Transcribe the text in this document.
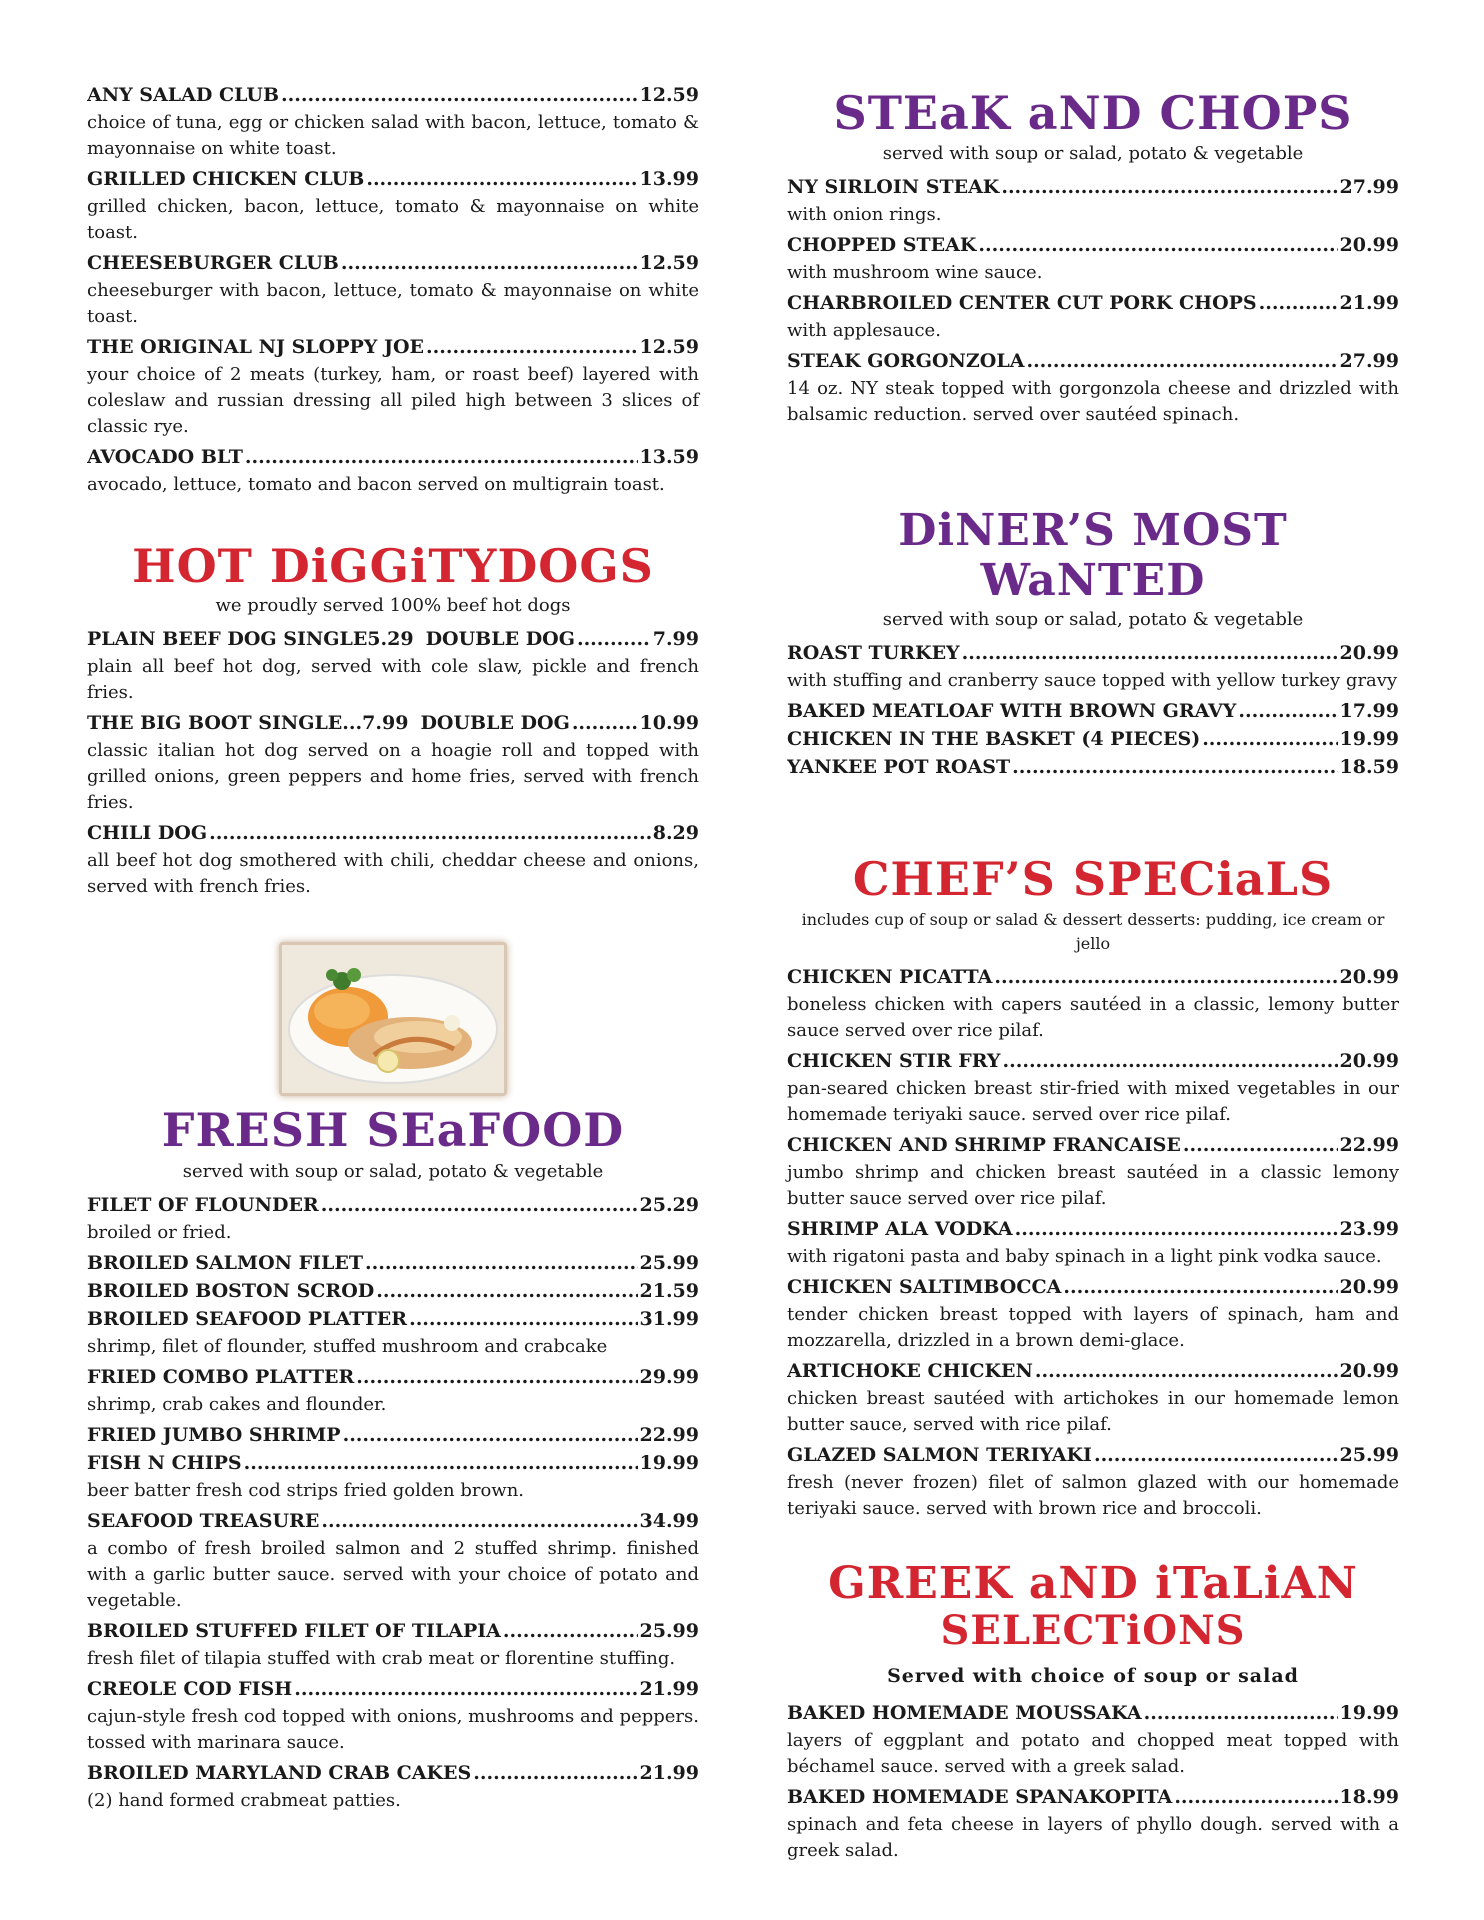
ANY SALAD CLUB .....	12.59
choice of tuna, egg or chicken salad with bacon, lettuce, tomato & mayonnaise on white toast.
GRILLED CHICKEN CLUB .....	13.99
grilled chicken, bacon, lettuce, tomato & mayonnaise on white toast.
CHEESEBURGER CLUB .....	12.59
cheeseburger with bacon, lettuce, tomato & mayonnaise on white toast.
THE ORIGINAL NJ SLOPPY JOE .....	12.59
your choice of 2 meats (turkey, ham, or roast beef) layered with coleslaw and russian dressing all piled high between 3 slices of classic rye.
AVOCADO BLT .....	13.59
avocado, lettuce, tomato and bacon served on multigrain toast.
HOT DiGGiTYDOGS
we proudly served 100% beef hot dogs
PLAIN BEEF DOG SINGLE 5.29 DOUBLE DOG .....	7.99
plain all beef hot dog, served with cole slaw, pickle and french fries.
THE BIG BOOT SINGLE ... 7.99 DOUBLE DOG .....	10.99
classic italian hot dog served on a hoagie roll and topped with grilled onions, green peppers and home fries, served with french fries.
CHILI DOG .....	8.29
all beef hot dog smothered with chili, cheddar cheese and onions, served with french fries.
FRESH SEaFOOD
served with soup or salad, potato & vegetable
FILET OF FLOUNDER .....	25.29
broiled or fried.
BROILED SALMON FILET .....	25.99
BROILED BOSTON SCROD .....	21.59
BROILED SEAFOOD PLATTER .....	31.99
shrimp, filet of flounder, stuffed mushroom and crabcake
FRIED COMBO PLATTER .....	29.99
shrimp, crab cakes and flounder.
FRIED JUMBO SHRIMP .....	22.99
FISH N CHIPS .....	19.99
beer batter fresh cod strips fried golden brown.
SEAFOOD TREASURE .....	34.99
a combo of fresh broiled salmon and 2 stuffed shrimp. finished with a garlic butter sauce. served with your choice of potato and vegetable.
BROILED STUFFED FILET OF TILAPIA .....	25.99
fresh filet of tilapia stuffed with crab meat or florentine stuffing.
CREOLE COD FISH .....	21.99
cajun-style fresh cod topped with onions, mushrooms and peppers. tossed with marinara sauce.
BROILED MARYLAND CRAB CAKES .....	21.99
(2) hand formed crabmeat patties.
STEaK aND CHOPS
served with soup or salad, potato & vegetable
NY SIRLOIN STEAK .....	27.99
with onion rings.
CHOPPED STEAK .....	20.99
with mushroom wine sauce.
CHARBROILED CENTER CUT PORK CHOPS .....	21.99
with applesauce.
STEAK GORGONZOLA .....	27.99
14 oz. NY steak topped with gorgonzola cheese and drizzled with balsamic reduction. served over sautéed spinach.
DiNER’S MOST WaNTED
served with soup or salad, potato & vegetable
ROAST TURKEY .....	20.99
with stuffing and cranberry sauce topped with yellow turkey gravy
BAKED MEATLOAF WITH BROWN GRAVY .....	17.99
CHICKEN IN THE BASKET (4 PIECES) .....	19.99
YANKEE POT ROAST .....	18.59
CHEF’S SPECiaLS
includes cup of soup or salad & dessert desserts: pudding, ice cream or jello
CHICKEN PICATTA .....	20.99
boneless chicken with capers sautéed in a classic, lemony butter sauce served over rice pilaf.
CHICKEN STIR FRY .....	20.99
pan-seared chicken breast stir-fried with mixed vegetables in our homemade teriyaki sauce. served over rice pilaf.
CHICKEN AND SHRIMP FRANCAISE .....	22.99
jumbo shrimp and chicken breast sautéed in a classic lemony butter sauce served over rice pilaf.
SHRIMP ALA VODKA .....	23.99
with rigatoni pasta and baby spinach in a light pink vodka sauce.
CHICKEN SALTIMBOCCA .....	20.99
tender chicken breast topped with layers of spinach, ham and mozzarella, drizzled in a brown demi-glace.
ARTICHOKE CHICKEN .....	20.99
chicken breast sautéed with artichokes in our homemade lemon butter sauce, served with rice pilaf.
GLAZED SALMON TERIYAKI .....	25.99
fresh (never frozen) filet of salmon glazed with our homemade teriyaki sauce. served with brown rice and broccoli.
GREEK aND iTaLiAN
SELECTiONS
Served with choice of soup or salad
BAKED HOMEMADE MOUSSAKA .....	19.99
layers of eggplant and potato and chopped meat topped with béchamel sauce. served with a greek salad.
BAKED HOMEMADE SPANAKOPITA .....	18.99
spinach and feta cheese in layers of phyllo dough. served with a greek salad.
